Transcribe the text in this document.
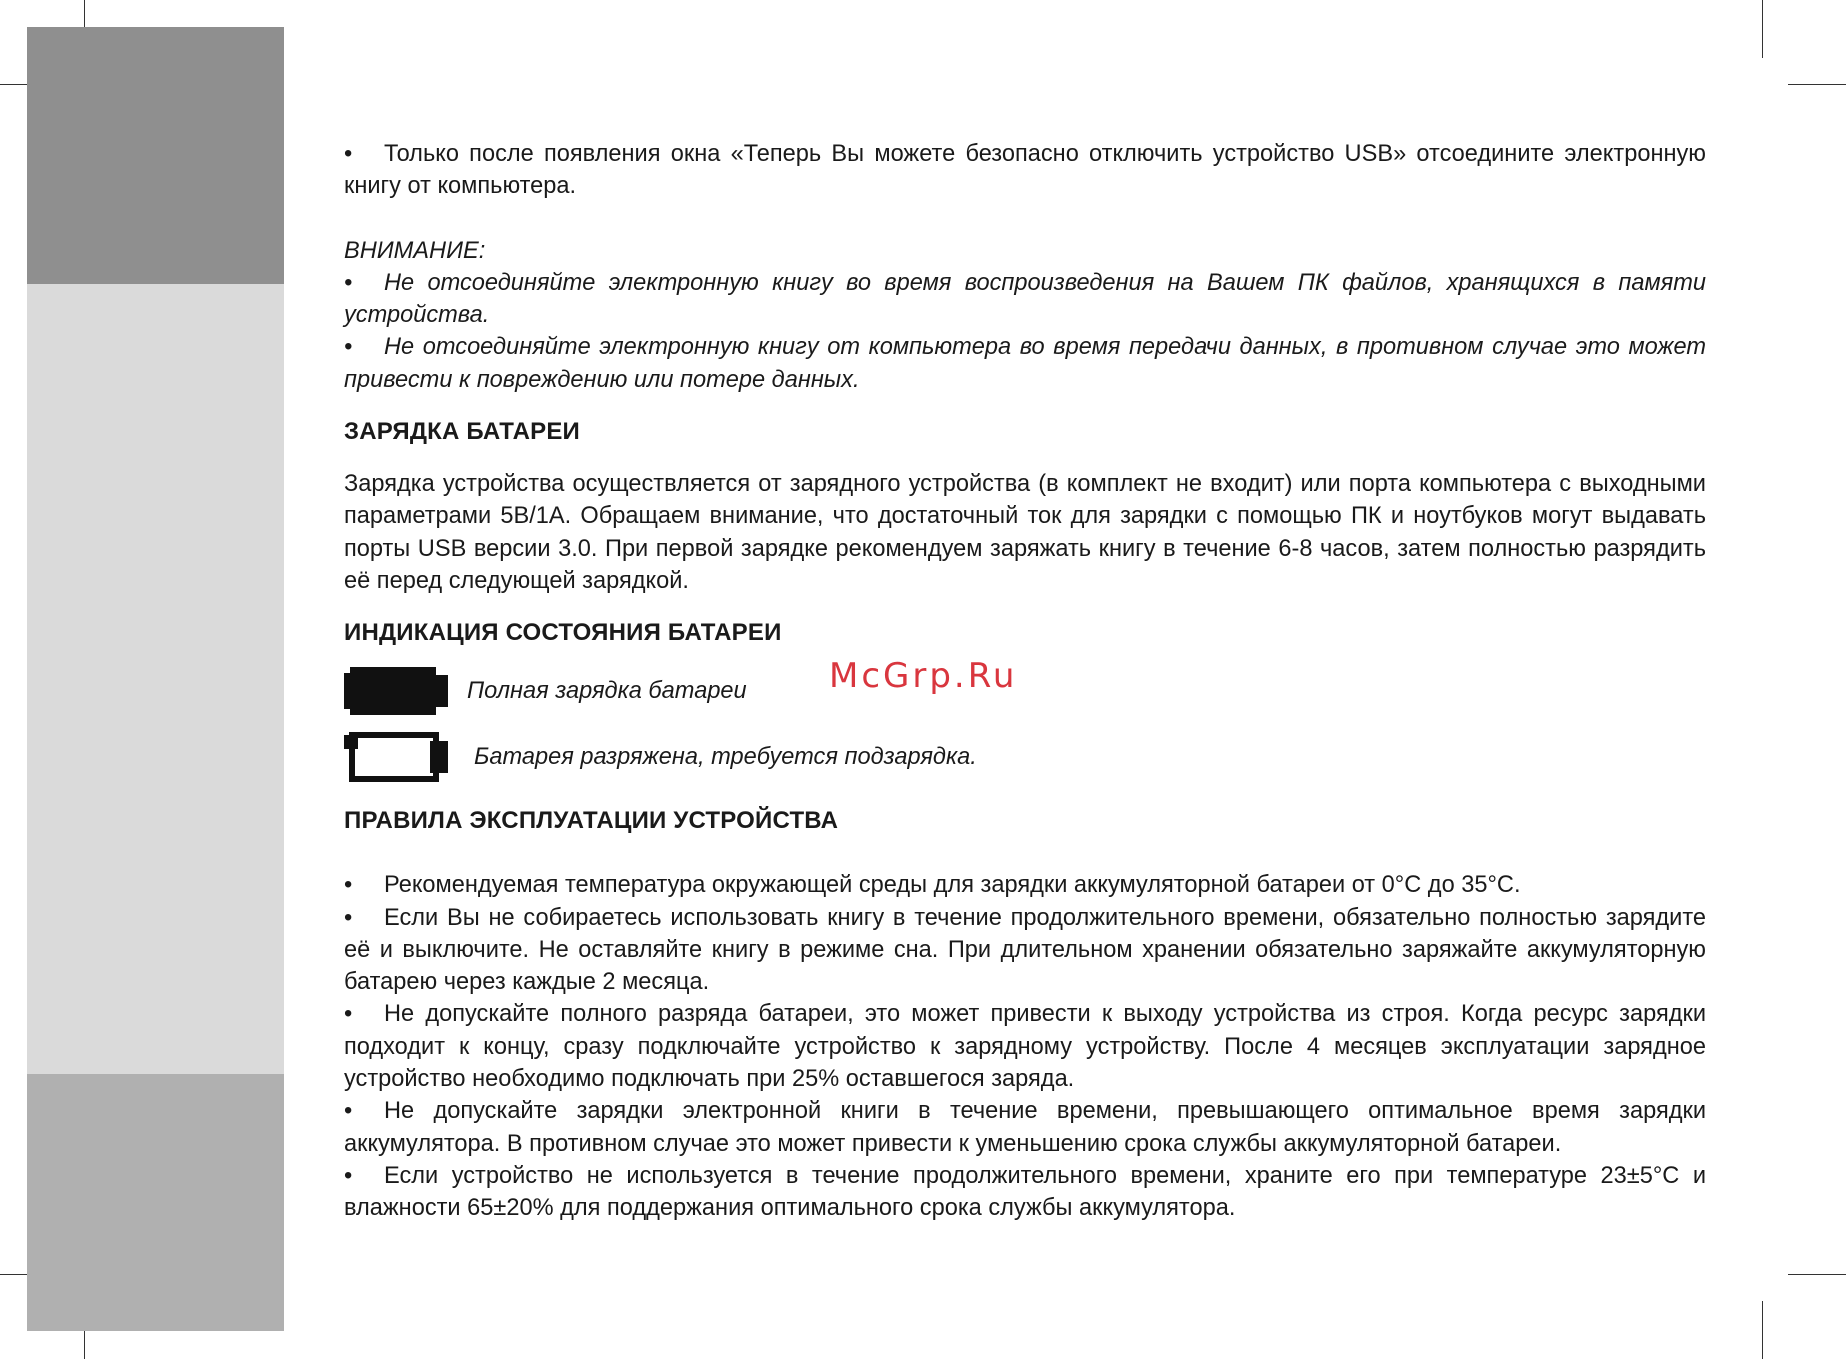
•	Только после появления окна «Теперь Вы можете безопасно отключить устройство USB» отсоедините электронную книгу от компьютера.

ВНИМАНИЕ:

•	Не отсоединяйте электронную книгу во время воспроизведения на Вашем ПК файлов, хранящихся в памяти устройства.

•	Не отсоединяйте электронную книгу от компьютера во время передачи данных, в противном случае это может привести к повреждению или потере данных.

ЗАРЯДКА БАТАРЕИ

Зарядка устройства осуществляется от зарядного устройства (в комплект не входит) или порта компьютера с выходными параметрами 5В/1А. Обращаем внимание, что достаточный ток для зарядки с помощью ПК и ноутбуков могут выдавать порты USB версии 3.0. При первой зарядке рекомендуем заряжать книгу в течение 6-8 часов, затем полностью разрядить её перед следующей зарядкой.

ИНДИКАЦИЯ СОСТОЯНИЯ БАТАРЕИ
Полная зарядка батареи
Батарея разряжена, требуется подзарядка.
ПРАВИЛА ЭКСПЛУАТАЦИИ УСТРОЙСТВА

•	Рекомендуемая температура окружающей среды для зарядки аккумуляторной батареи от 0°С до 35°С.

•	Если Вы не собираетесь использовать книгу в течение продолжительного времени, обязательно полностью зарядите её и выключите. Не оставляйте книгу в режиме сна. При длительном хранении обязательно заряжайте аккумуляторную батарею через каждые 2 месяца.

•	Не допускайте полного разряда батареи, это может привести к выходу устройства из строя. Когда ресурс зарядки подходит к концу, сразу подключайте устройство к зарядному устройству. После 4 месяцев эксплуатации зарядное устройство необходимо подключать при 25% оставшегося заряда.

•	Не допускайте зарядки электронной книги в течение времени, превышающего оптимальное время зарядки аккумулятора. В противном случае это может привести к уменьшению срока службы аккумуляторной батареи.

•	Если устройство не используется в течение продолжительного времени, храните его при температуре 23±5°С и влажности 65±20% для поддержания оптимального срока службы аккумулятора.

McGrp.Ru
